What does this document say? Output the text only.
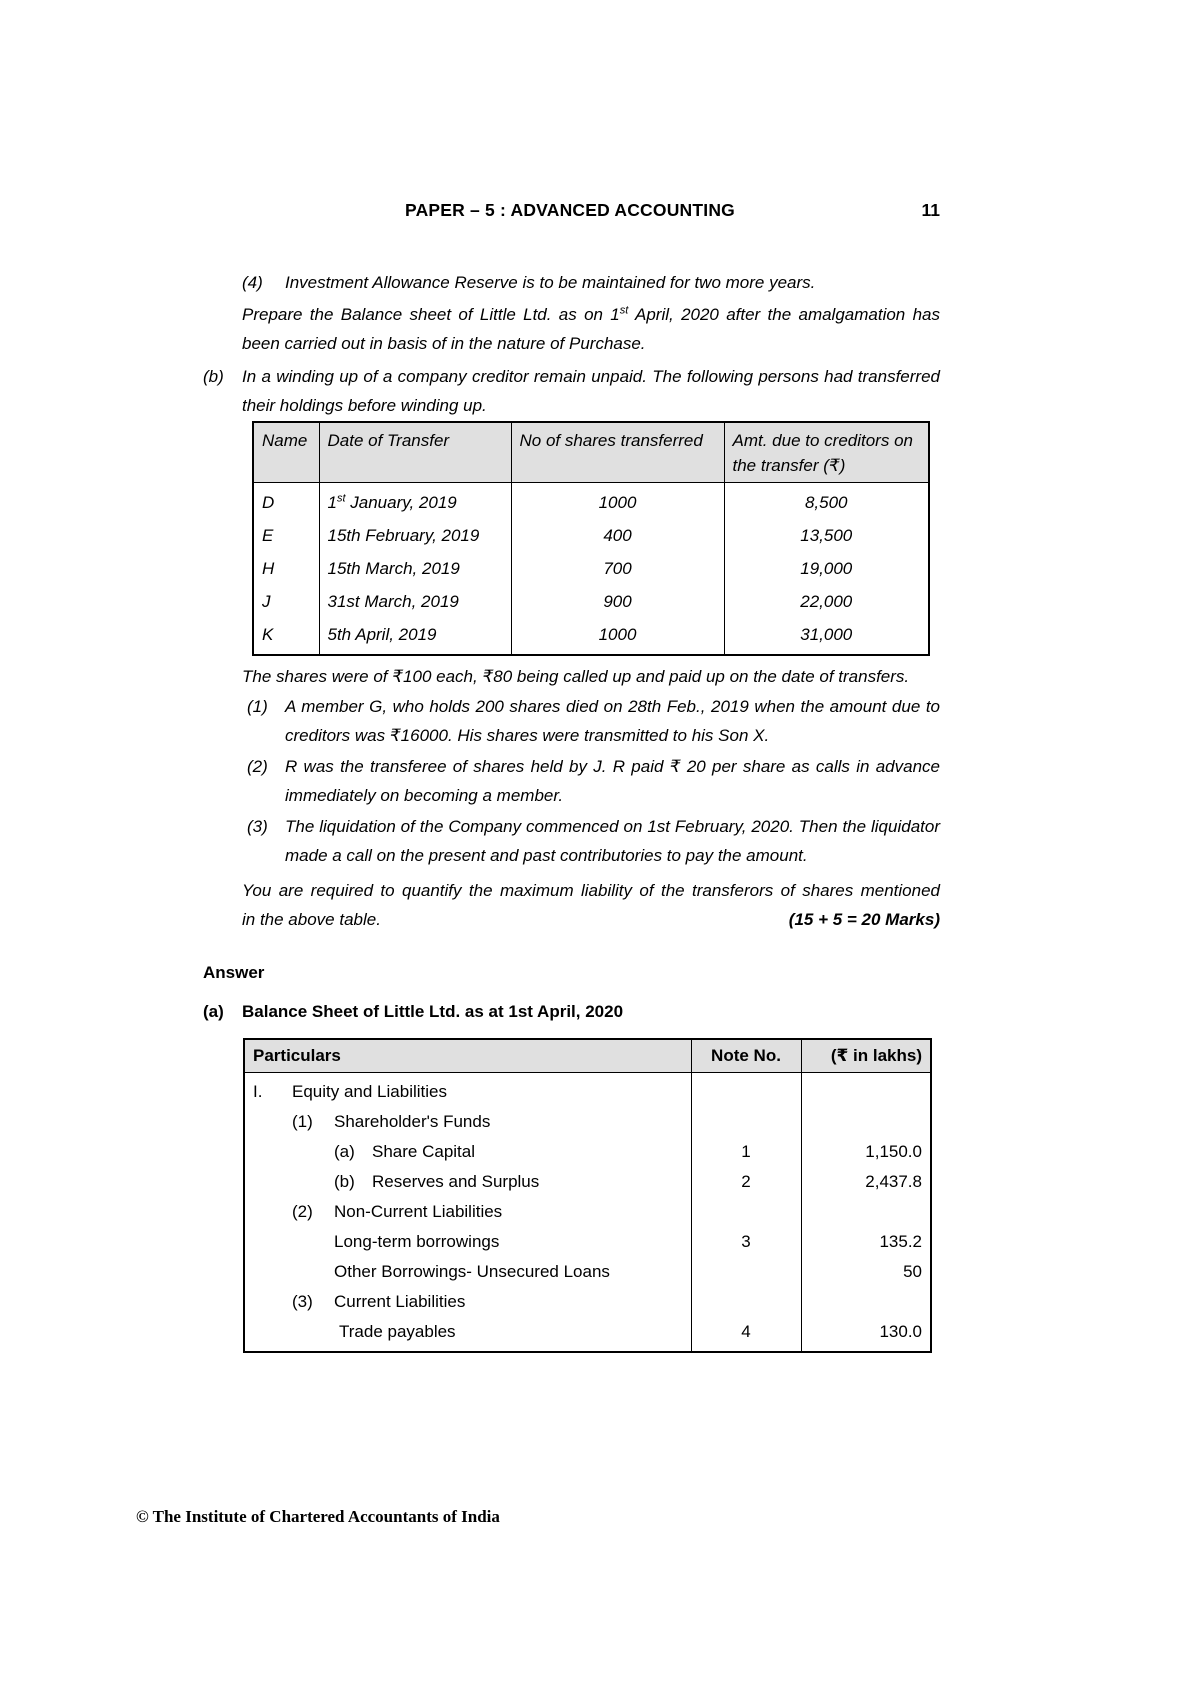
PAPER – 5 : ADVANCED ACCOUNTING	11
(4)	Investment Allowance Reserve is to be maintained for two more years.
Prepare the Balance sheet of Little Ltd. as on 1st April, 2020 after the amalgamation has been carried out in basis of in the nature of Purchase.
(b)	In a winding up of a company creditor remain unpaid. The following persons had transferred their holdings before winding up.
Name	Date of Transfer	No of shares transferred	Amt. due to creditors on the transfer (₹)
D	1st January, 2019	1000	8,500
E	15th February, 2019	400	13,500
H	15th March, 2019	700	19,000
J	31st March, 2019	900	22,000
K	5th April, 2019	1000	31,000
The shares were of ₹100 each, ₹80 being called up and paid up on the date of transfers.
(1)	A member G, who holds 200 shares died on 28th Feb., 2019 when the amount due to creditors was ₹16000. His shares were transmitted to his Son X.
(2)	R was the transferee of shares held by J. R paid ₹ 20 per share as calls in advance immediately on becoming a member.
(3)	The liquidation of the Company commenced on 1st February, 2020. Then the liquidator made a call on the present and past contributories to pay the amount.
You are required to quantify the maximum liability of the transferors of shares mentioned
in the above table.	(15 + 5 = 20 Marks)
Answer
(a)	Balance Sheet of Little Ltd. as at 1st April, 2020
Particulars	Note No.	(₹ in lakhs)

I. Equity and Liabilities		

(1) Shareholder's Funds		

(a) Share Capital	1	1,150.0

(b) Reserves and Surplus	2	2,437.8

(2) Non-Current Liabilities		

Long-term borrowings	3	135.2

Other Borrowings- Unsecured Loans		50

(3) Current Liabilities		

Trade payables	4	130.0
© The Institute of Chartered Accountants of India
